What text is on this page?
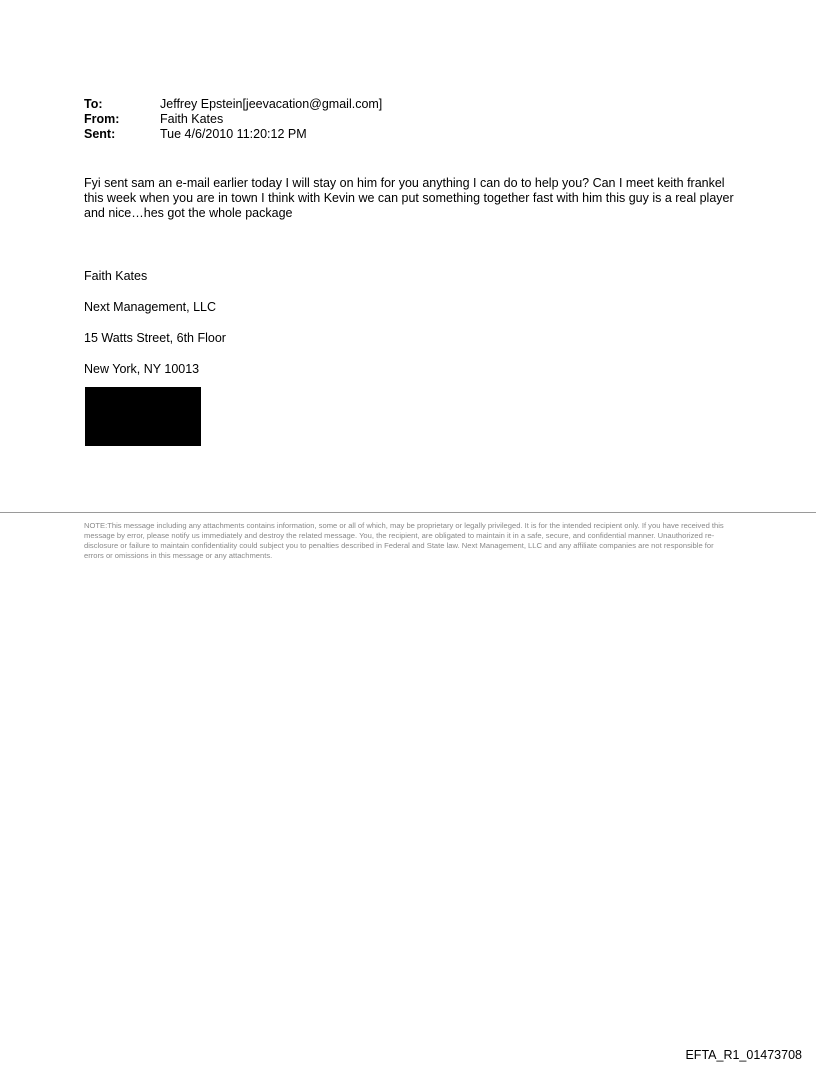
To:	Jeffrey Epstein[jeevacation@gmail.com]
From:	Faith Kates
Sent:	Tue 4/6/2010 11:20:12 PM
Fyi sent sam an e-mail earlier today I will stay on him for you anything I can do to help you? Can I meet keith frankel this week when you are in town I think with Kevin we can put something together fast with him this guy is a real player and nice…hes got the whole package
Faith Kates
Next Management, LLC
15 Watts Street, 6th Floor
New York, NY 10013
NOTE:This message including any attachments contains information, some or all of which, may be proprietary or legally privileged. It is for the intended recipient only. If you have received this message by error, please notify us immediately and destroy the related message. You, the recipient, are obligated to maintain it in a safe, secure, and confidential manner. Unauthorized re-disclosure or failure to maintain confidentiality could subject you to penalties described in Federal and State law. Next Management, LLC and any affiliate companies are not responsible for errors or omissions in this message or any attachments.
EFTA_R1_01473708
